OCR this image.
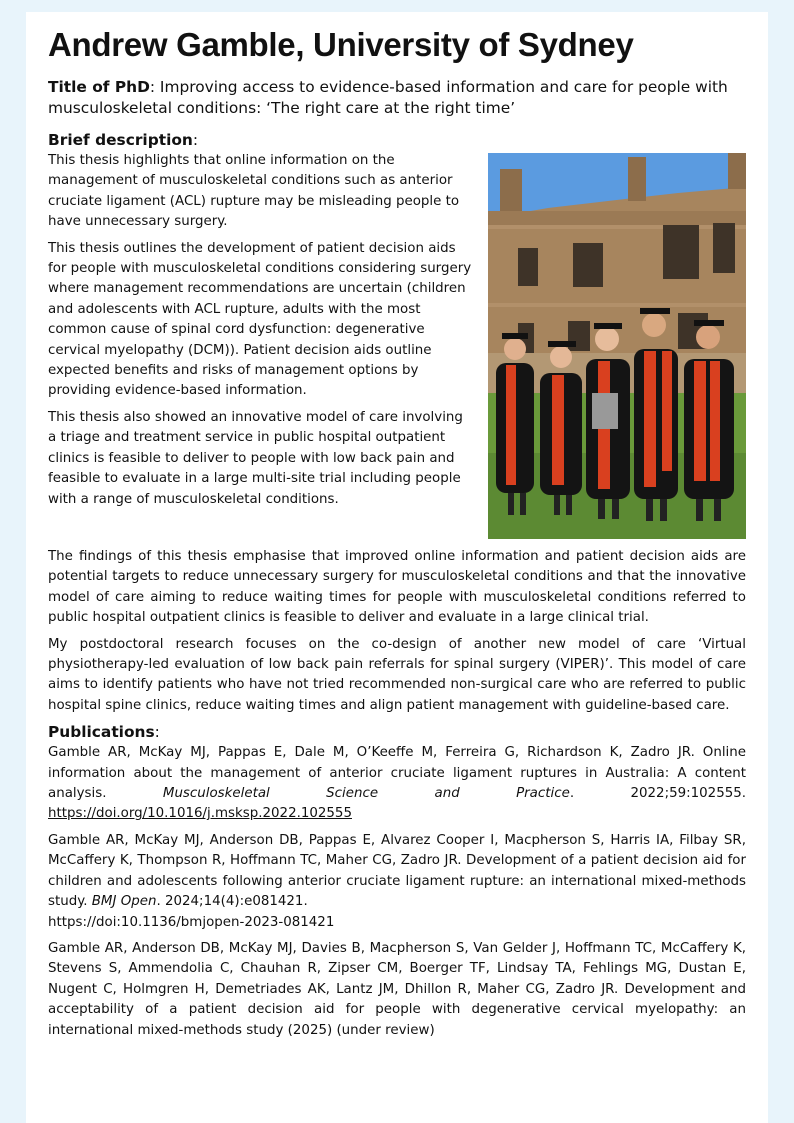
Andrew Gamble, University of Sydney

Title of PhD: Improving access to evidence-based information and care for people with musculoskeletal conditions: ‘The right care at the right time’

Brief description:

This thesis highlights that online information on the management of musculoskeletal conditions such as anterior cruciate ligament (ACL) rupture may be misleading people to have unnecessary surgery.

This thesis outlines the development of patient decision aids for people with musculoskeletal conditions considering surgery where management recommendations are uncertain (children and adolescents with ACL rupture, adults with the most common cause of spinal cord dysfunction: degenerative cervical myelopathy (DCM)). Patient decision aids outline expected benefits and risks of management options by providing evidence-based information.

This thesis also showed an innovative model of care involving a triage and treatment service in public hospital outpatient clinics is feasible to deliver to people with low back pain and feasible to evaluate in a large multi-site trial including people with a range of musculoskeletal conditions.

The findings of this thesis emphasise that improved online information and patient decision aids are potential targets to reduce unnecessary surgery for musculoskeletal conditions and that the innovative model of care aiming to reduce waiting times for people with musculoskeletal conditions referred to public hospital outpatient clinics is feasible to deliver and evaluate in a large clinical trial.

My postdoctoral research focuses on the co-design of another new model of care ‘Virtual physiotherapy-led evaluation of low back pain referrals for spinal surgery (VIPER)’. This model of care aims to identify patients who have not tried recommended non-surgical care who are referred to public hospital spine clinics, reduce waiting times and align patient management with guideline-based care.

Publications:

Gamble AR, McKay MJ, Pappas E, Dale M, O’Keeffe M, Ferreira G, Richardson K, Zadro JR. Online information about the management of anterior cruciate ligament ruptures in Australia: A content analysis. Musculoskeletal Science and Practice. 2022;59:102555. https://doi.org/10.1016/j.msksp.2022.102555

Gamble AR, McKay MJ, Anderson DB, Pappas E, Alvarez Cooper I, Macpherson S, Harris IA, Filbay SR, McCaffery K, Thompson R, Hoffmann TC, Maher CG, Zadro JR. Development of a patient decision aid for children and adolescents following anterior cruciate ligament rupture: an international mixed-methods study. BMJ Open. 2024;14(4):e081421.
https://doi:10.1136/bmjopen-2023-081421

Gamble AR, Anderson DB, McKay MJ, Davies B, Macpherson S, Van Gelder J, Hoffmann TC, McCaffery K, Stevens S, Ammendolia C, Chauhan R, Zipser CM, Boerger TF, Lindsay TA, Fehlings MG, Dustan E, Nugent C, Holmgren H, Demetriades AK, Lantz JM, Dhillon R, Maher CG, Zadro JR. Development and acceptability of a patient decision aid for people with degenerative cervical myelopathy: an international mixed-methods study (2025) (under review)
